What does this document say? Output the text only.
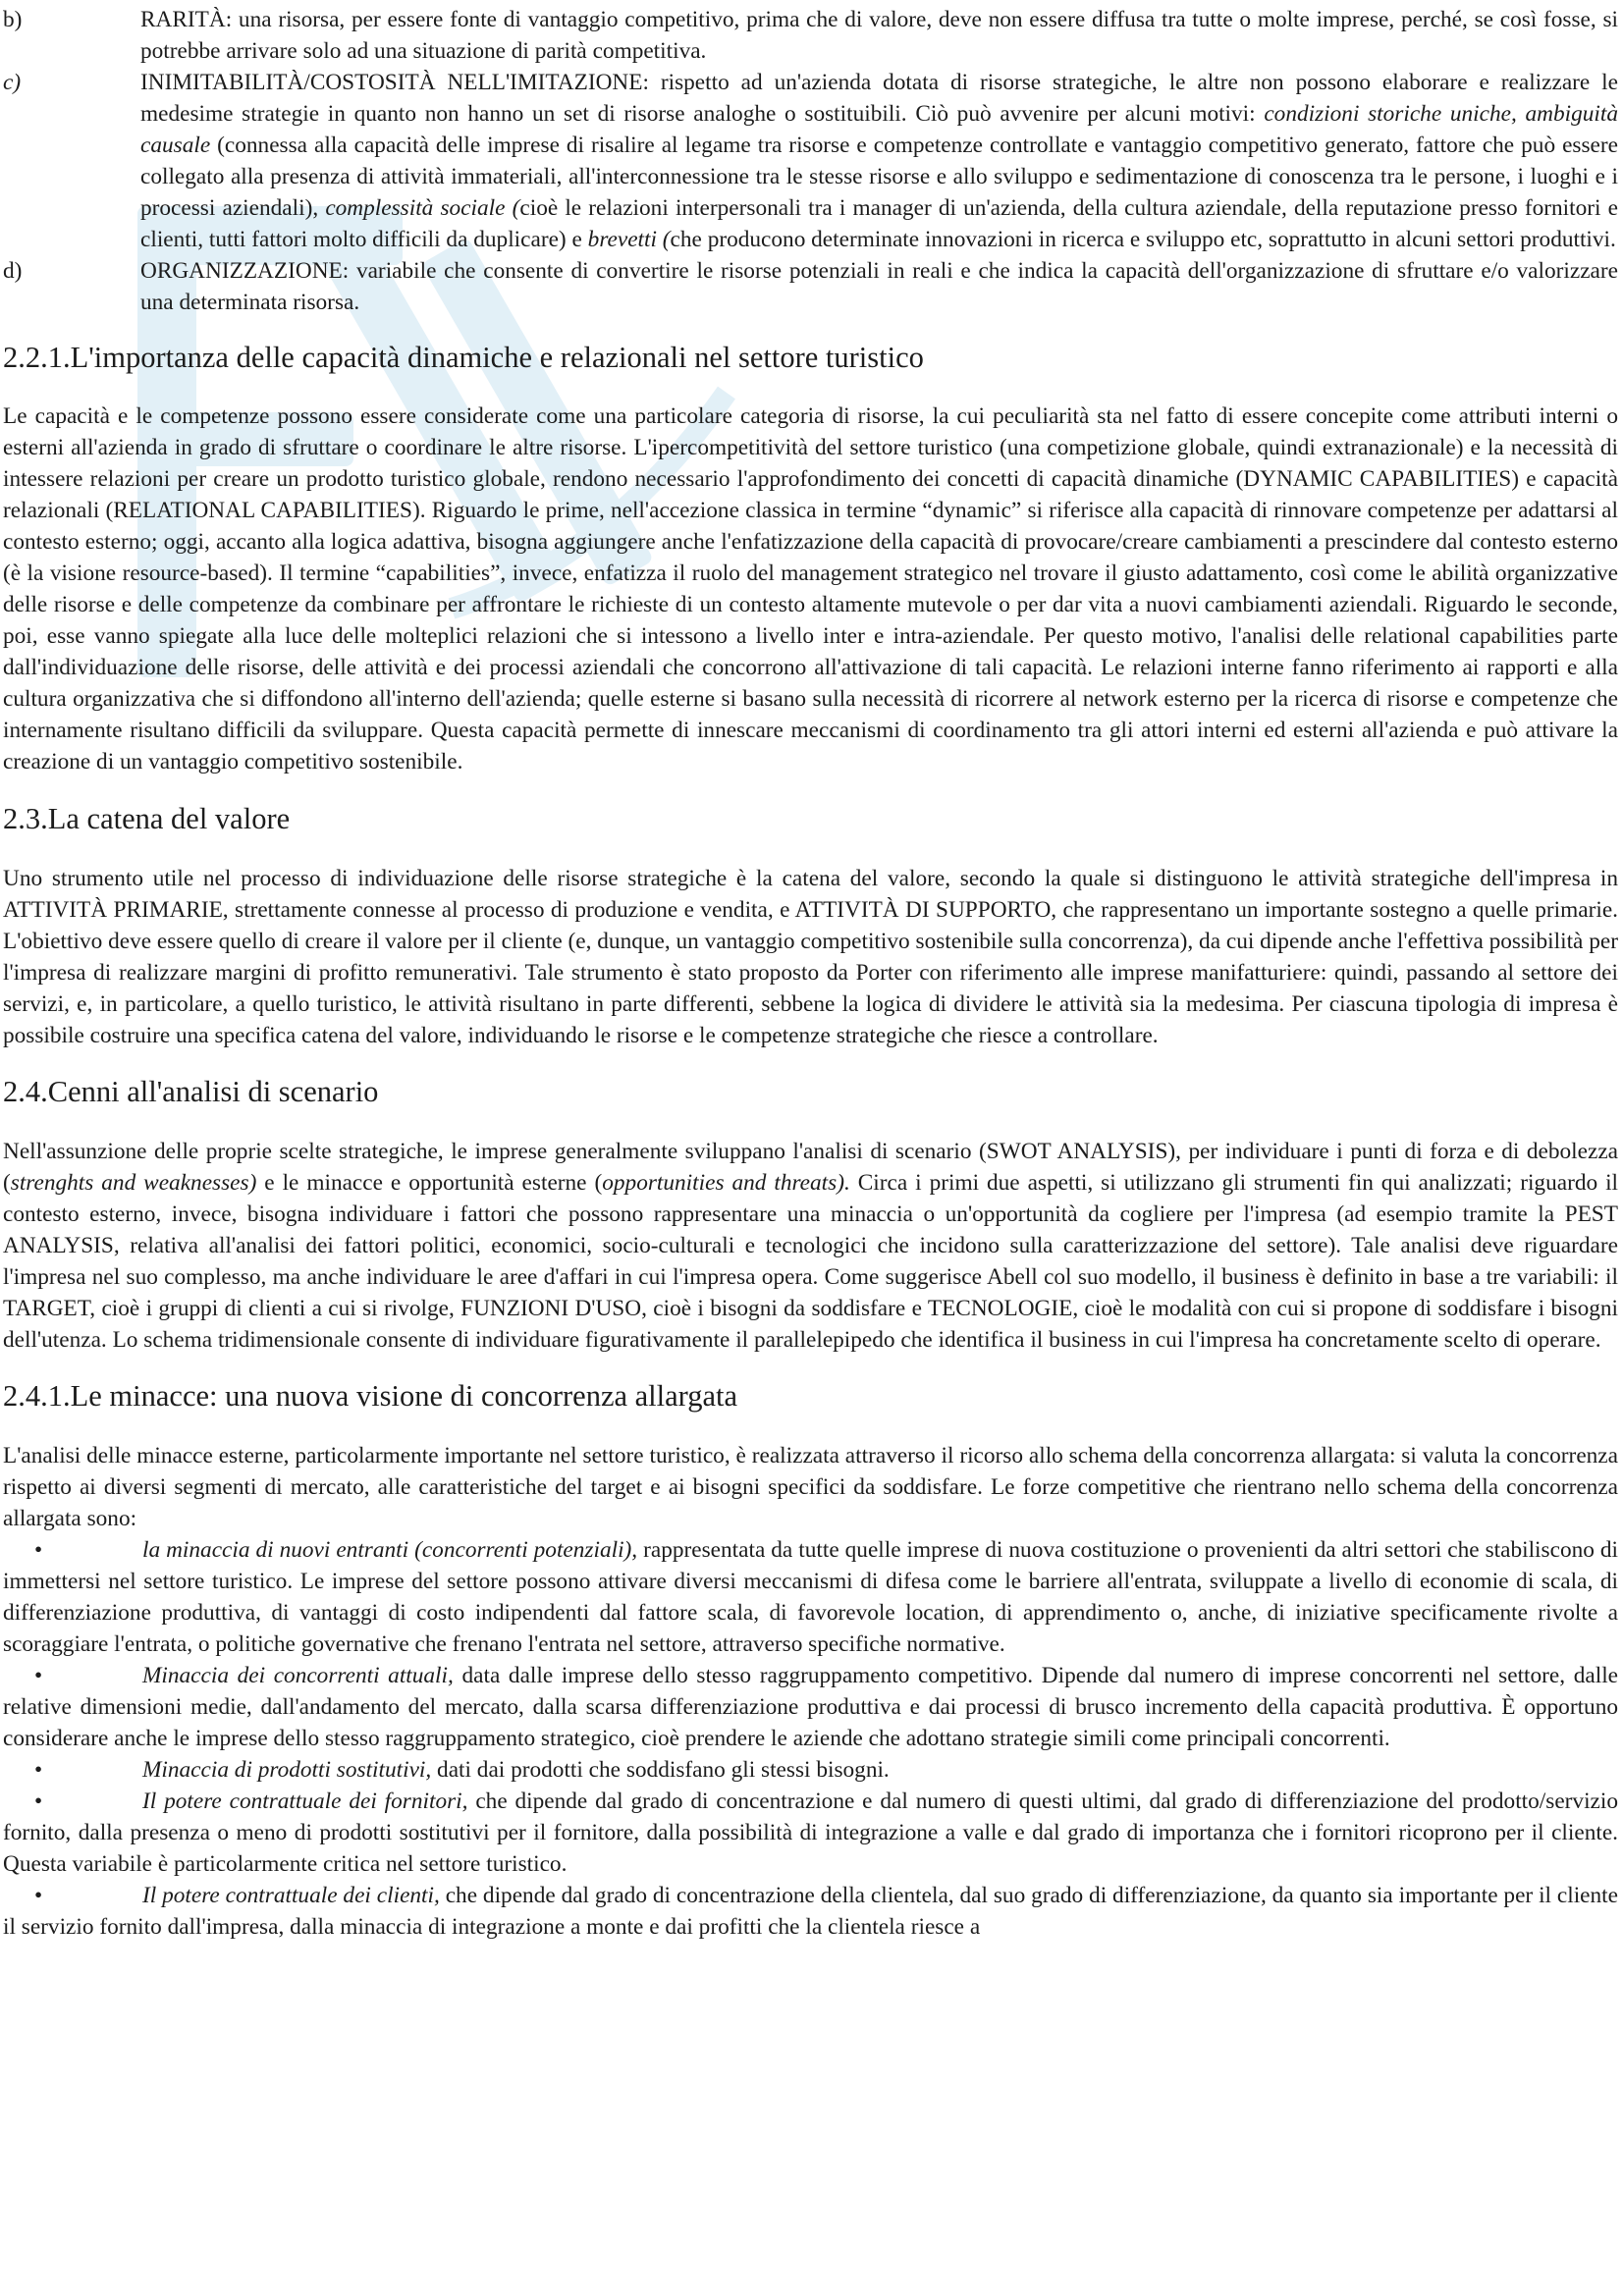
b)	RARITÀ: una risorsa, per essere fonte di vantaggio competitivo, prima che di valore, deve non essere diffusa tra tutte o molte imprese, perché, se così fosse, si potrebbe arrivare solo ad una situazione di parità competitiva.

c)	INIMITABILITÀ/COSTOSITÀ NELL'IMITAZIONE: rispetto ad un'azienda dotata di risorse strategiche, le altre non possono elaborare e realizzare le medesime strategie in quanto non hanno un set di risorse analoghe o sostituibili. Ciò può avvenire per alcuni motivi: condizioni storiche uniche, ambiguità causale (connessa alla capacità delle imprese di risalire al legame tra risorse e competenze controllate e vantaggio competitivo generato, fattore che può essere collegato alla presenza di attività immateriali, all'interconnessione tra le stesse risorse e allo sviluppo e sedimentazione di conoscenza tra le persone, i luoghi e i processi aziendali), complessità sociale (cioè le relazioni interpersonali tra i manager di un'azienda, della cultura aziendale, della reputazione presso fornitori e clienti, tutti fattori molto difficili da duplicare) e brevetti (che producono determinate innovazioni in ricerca e sviluppo etc, soprattutto in alcuni settori produttivi.

d)	ORGANIZZAZIONE: variabile che consente di convertire le risorse potenziali in reali e che indica la capacità dell'organizzazione di sfruttare e/o valorizzare una determinata risorsa.

2.2.1.L'importanza delle capacità dinamiche e relazionali nel settore turistico

Le capacità e le competenze possono essere considerate come una particolare categoria di risorse, la cui peculiarità sta nel fatto di essere concepite come attributi interni o esterni all'azienda in grado di sfruttare o coordinare le altre risorse. L'ipercompetitività del settore turistico (una competizione globale, quindi extranazionale) e la necessità di intessere relazioni per creare un prodotto turistico globale, rendono necessario l'approfondimento dei concetti di capacità dinamiche (DYNAMIC CAPABILITIES) e capacità relazionali (RELATIONAL CAPABILITIES). Riguardo le prime, nell'accezione classica in termine “dynamic” si riferisce alla capacità di rinnovare competenze per adattarsi al contesto esterno; oggi, accanto alla logica adattiva, bisogna aggiungere anche l'enfatizzazione della capacità di provocare/creare cambiamenti a prescindere dal contesto esterno (è la visione resource-based). Il termine “capabilities”, invece, enfatizza il ruolo del management strategico nel trovare il giusto adattamento, così come le abilità organizzative delle risorse e delle competenze da combinare per affrontare le richieste di un contesto altamente mutevole o per dar vita a nuovi cambiamenti aziendali. Riguardo le seconde, poi, esse vanno spiegate alla luce delle molteplici relazioni che si intessono a livello inter e intra-aziendale. Per questo motivo, l'analisi delle relational capabilities parte dall'individuazione delle risorse, delle attività e dei processi aziendali che concorrono all'attivazione di tali capacità. Le relazioni interne fanno riferimento ai rapporti e alla cultura organizzativa che si diffondono all'interno dell'azienda; quelle esterne si basano sulla necessità di ricorrere al network esterno per la ricerca di risorse e competenze che internamente risultano difficili da sviluppare. Questa capacità permette di innescare meccanismi di coordinamento tra gli attori interni ed esterni all'azienda e può attivare la creazione di un vantaggio competitivo sostenibile.

2.3.La catena del valore

Uno strumento utile nel processo di individuazione delle risorse strategiche è la catena del valore, secondo la quale si distinguono le attività strategiche dell'impresa in ATTIVITÀ PRIMARIE, strettamente connesse al processo di produzione e vendita, e ATTIVITÀ DI SUPPORTO, che rappresentano un importante sostegno a quelle primarie. L'obiettivo deve essere quello di creare il valore per il cliente (e, dunque, un vantaggio competitivo sostenibile sulla concorrenza), da cui dipende anche l'effettiva possibilità per l'impresa di realizzare margini di profitto remunerativi. Tale strumento è stato proposto da Porter con riferimento alle imprese manifatturiere: quindi, passando al settore dei servizi, e, in particolare, a quello turistico, le attività risultano in parte differenti, sebbene la logica di dividere le attività sia la medesima. Per ciascuna tipologia di impresa è possibile costruire una specifica catena del valore, individuando le risorse e le competenze strategiche che riesce a controllare.

2.4.Cenni all'analisi di scenario

Nell'assunzione delle proprie scelte strategiche, le imprese generalmente sviluppano l'analisi di scenario (SWOT ANALYSIS), per individuare i punti di forza e di debolezza (strenghts and weaknesses) e le minacce e opportunità esterne (opportunities and threats). Circa i primi due aspetti, si utilizzano gli strumenti fin qui analizzati; riguardo il contesto esterno, invece, bisogna individuare i fattori che possono rappresentare una minaccia o un'opportunità da cogliere per l'impresa (ad esempio tramite la PEST ANALYSIS, relativa all'analisi dei fattori politici, economici, socio-culturali e tecnologici che incidono sulla caratterizzazione del settore). Tale analisi deve riguardare l'impresa nel suo complesso, ma anche individuare le aree d'affari in cui l'impresa opera. Come suggerisce Abell col suo modello, il business è definito in base a tre variabili: il TARGET, cioè i gruppi di clienti a cui si rivolge, FUNZIONI D'USO, cioè i bisogni da soddisfare e TECNOLOGIE, cioè le modalità con cui si propone di soddisfare i bisogni dell'utenza. Lo schema tridimensionale consente di individuare figurativamente il parallelepipedo che identifica il business in cui l'impresa ha concretamente scelto di operare.

2.4.1.Le minacce: una nuova visione di concorrenza allargata

L'analisi delle minacce esterne, particolarmente importante nel settore turistico, è realizzata attraverso il ricorso allo schema della concorrenza allargata: si valuta la concorrenza rispetto ai diversi segmenti di mercato, alle caratteristiche del target e ai bisogni specifici da soddisfare. Le forze competitive che rientrano nello schema della concorrenza allargata sono:

•	la minaccia di nuovi entranti (concorrenti potenziali), rappresentata da tutte quelle imprese di nuova costituzione o provenienti da altri settori che stabiliscono di immettersi nel settore turistico. Le imprese del settore possono attivare diversi meccanismi di difesa come le barriere all'entrata, sviluppate a livello di economie di scala, di differenziazione produttiva, di vantaggi di costo indipendenti dal fattore scala, di favorevole location, di apprendimento o, anche, di iniziative specificamente rivolte a scoraggiare l'entrata, o politiche governative che frenano l'entrata nel settore, attraverso specifiche normative.

•	Minaccia dei concorrenti attuali, data dalle imprese dello stesso raggruppamento competitivo. Dipende dal numero di imprese concorrenti nel settore, dalle relative dimensioni medie, dall'andamento del mercato, dalla scarsa differenziazione produttiva e dai processi di brusco incremento della capacità produttiva. È opportuno considerare anche le imprese dello stesso raggruppamento strategico, cioè prendere le aziende che adottano strategie simili come principali concorrenti.

•	Minaccia di prodotti sostitutivi, dati dai prodotti che soddisfano gli stessi bisogni.

•	Il potere contrattuale dei fornitori, che dipende dal grado di concentrazione e dal numero di questi ultimi, dal grado di differenziazione del prodotto/servizio fornito, dalla presenza o meno di prodotti sostitutivi per il fornitore, dalla possibilità di integrazione a valle e dal grado di importanza che i fornitori ricoprono per il cliente. Questa variabile è particolarmente critica nel settore turistico.

•	Il potere contrattuale dei clienti, che dipende dal grado di concentrazione della clientela, dal suo grado di differenziazione, da quanto sia importante per il cliente il servizio fornito dall'impresa, dalla minaccia di integrazione a monte e dai profitti che la clientela riesce a
